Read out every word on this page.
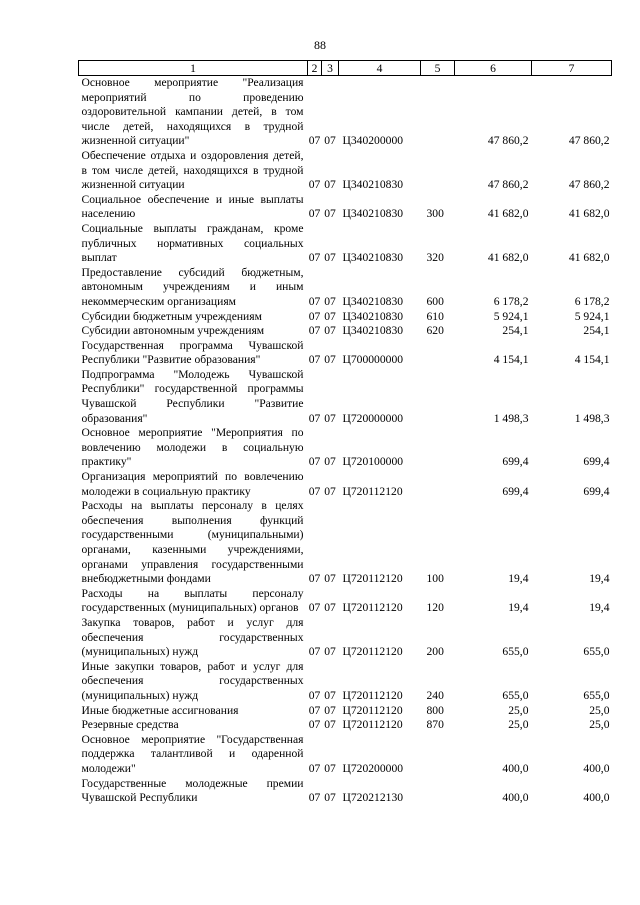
88
1	2	3	4	5	6	7
Основное мероприятие "Реализация мероприятий по проведению оздоровительной кампании детей, в том числе детей, находящихся в трудной жизненной ситуации"	07	07	Ц340200000		47 860,2	47 860,2
Обеспечение отдыха и оздоровления детей, в том числе детей, находящихся в трудной жизненной ситуации	07	07	Ц340210830		47 860,2	47 860,2
Социальное обеспечение и иные выплаты населению	07	07	Ц340210830	300	41 682,0	41 682,0
Социальные выплаты гражданам, кроме публичных нормативных социальных выплат	07	07	Ц340210830	320	41 682,0	41 682,0
Предоставление субсидий бюджетным, автономным учреждениям и иным некоммерческим организациям	07	07	Ц340210830	600	6 178,2	6 178,2
Субсидии бюджетным учреждениям	07	07	Ц340210830	610	5 924,1	5 924,1
Субсидии автономным учреждениям	07	07	Ц340210830	620	254,1	254,1
Государственная программа Чувашской Республики "Развитие образования"	07	07	Ц700000000		4 154,1	4 154,1
Подпрограмма "Молодежь Чувашской Республики" государственной программы Чувашской Республики "Развитие образования"	07	07	Ц720000000		1 498,3	1 498,3
Основное мероприятие "Мероприятия по вовлечению молодежи в социальную практику"	07	07	Ц720100000		699,4	699,4
Организация мероприятий по вовлечению молодежи в социальную практику	07	07	Ц720112120		699,4	699,4
Расходы на выплаты персоналу в целях обеспечения выполнения функций государственными (муниципальными) органами, казенными учреждениями, органами управления государственными внебюджетными фондами	07	07	Ц720112120	100	19,4	19,4
Расходы на выплаты персоналу государственных (муниципальных) органов	07	07	Ц720112120	120	19,4	19,4
Закупка товаров, работ и услуг для обеспечения государственных (муниципальных) нужд	07	07	Ц720112120	200	655,0	655,0
Иные закупки товаров, работ и услуг для обеспечения государственных (муниципальных) нужд	07	07	Ц720112120	240	655,0	655,0
Иные бюджетные ассигнования	07	07	Ц720112120	800	25,0	25,0
Резервные средства	07	07	Ц720112120	870	25,0	25,0
Основное мероприятие "Государственная поддержка талантливой и одаренной молодежи"	07	07	Ц720200000		400,0	400,0
Государственные молодежные премии Чувашской Республики	07	07	Ц720212130		400,0	400,0
